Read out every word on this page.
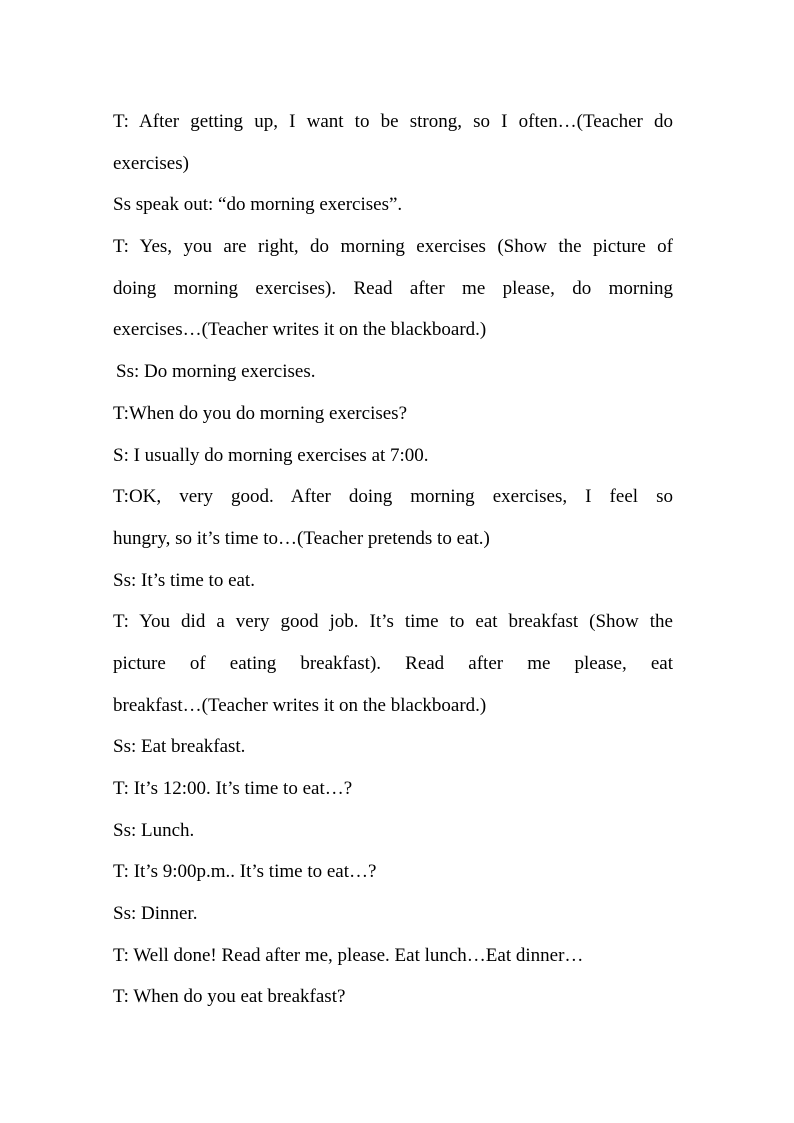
T: After getting up, I want to be strong, so I often…(Teacher do
exercises)
Ss speak out: “do morning exercises”.
T: Yes, you are right, do morning exercises (Show the picture of
doing morning exercises). Read after me please, do morning
exercises…(Teacher writes it on the blackboard.)
Ss: Do morning exercises.
T:When do you do morning exercises?
S: I usually do morning exercises at 7:00.
T:OK, very good. After doing morning exercises, I feel so
hungry, so it’s time to…(Teacher pretends to eat.)
Ss: It’s time to eat.
T: You did a very good job. It’s time to eat breakfast (Show the
picture of eating breakfast). Read after me please, eat
breakfast…(Teacher writes it on the blackboard.)
Ss: Eat breakfast.
T: It’s 12:00. It’s time to eat…?
Ss: Lunch.
T: It’s 9:00p.m.. It’s time to eat…?
Ss: Dinner.
T: Well done! Read after me, please. Eat lunch…Eat dinner…
T: When do you eat breakfast?
